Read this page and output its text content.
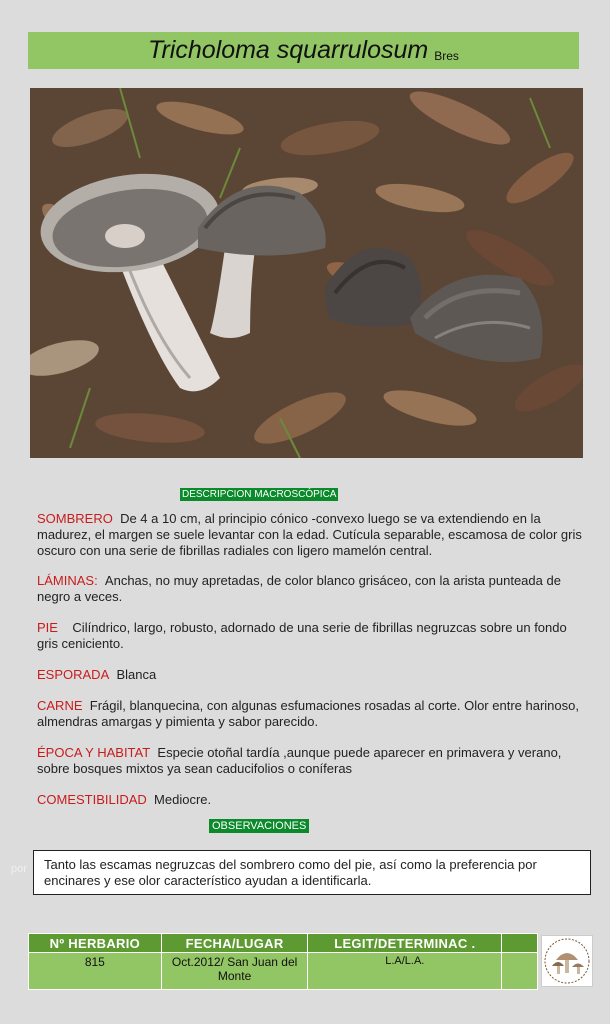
Tricholoma squarrulosum Bres
DESCRIPCION MACROSCÓPICA
SOMBRERO De 4 a 10 cm, al principio cónico -convexo luego se va extendiendo en la madurez, el margen se suele levantar con la edad. Cutícula separable, escamosa de color gris oscuro con una serie de fibrillas radiales con ligero mamelón central.
LÁMINAS: Anchas, no muy apretadas, de color blanco grisáceo, con la arista punteada de negro a veces.
PIE Cilíndrico, largo, robusto, adornado de una serie de fibrillas negruzcas sobre un fondo gris ceniciento.
ESPORADA Blanca
CARNE Frágil, blanquecina, con algunas esfumaciones rosadas al corte. Olor entre harinoso, almendras amargas y pimienta y sabor parecido.
ÉPOCA Y HABITAT Especie otoñal tardía ,aunque puede aparecer en primavera y verano, sobre bosques mixtos ya sean caducifolios o coníferas
COMESTIBILIDAD Mediocre.
OBSERVACIONES
por	Tanto las escamas negruzcas del sombrero como del pie, así como la preferencia por encinares y ese olor característico ayudan a identificarla.
Nº HERBARIO	FECHA/LUGAR	LEGIT/DETERMINAC .	
815	Oct.2012/ San Juan del Monte	L.A/L.A.	
